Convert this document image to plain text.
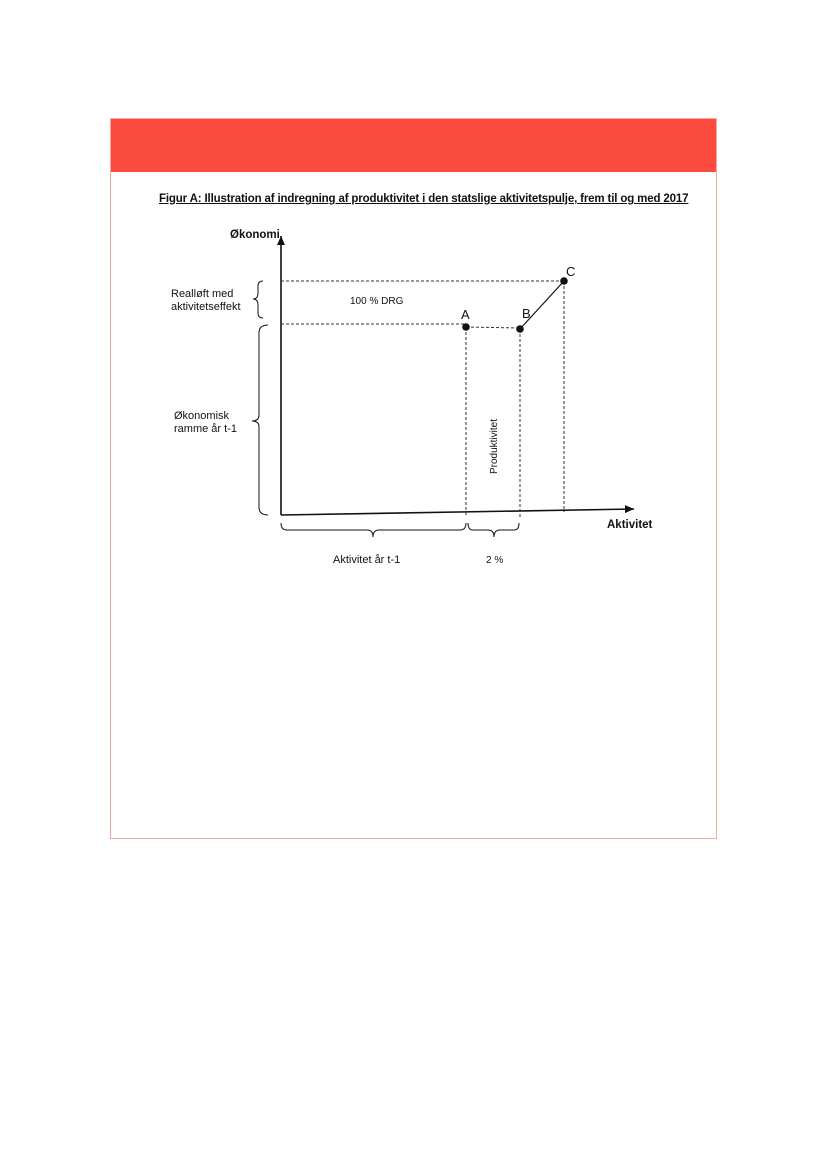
Figur A: Illustration af indregning af produktivitet i den statslige aktivitetspulje, frem til og med 2017
A	B
C
Økonomi
Aktivitet
Realløft med
aktivitetseffekt
Økonomisk
ramme år t-1
100 % DRG
Produktivitet
Aktivitet år t-1	2 %
